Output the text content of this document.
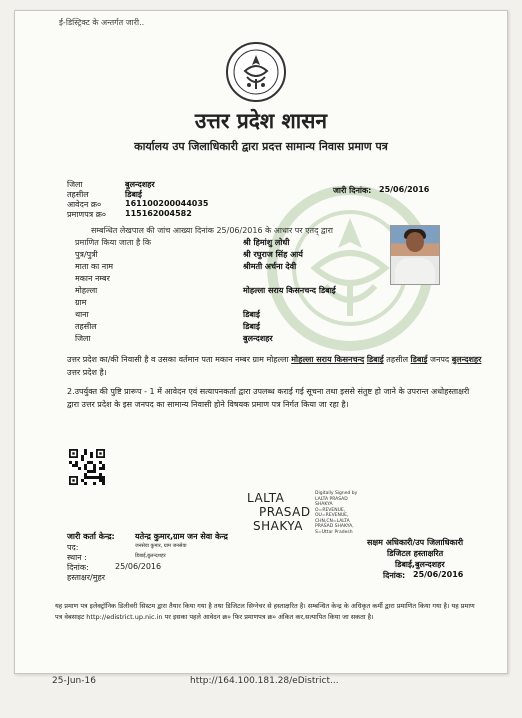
ई-डिस्ट्रिक्ट के अन्तर्गत जारी..
उत्तर प्रदेश शासन
कार्यालय उप जिलाधिकारी द्वारा प्रदत्त सामान्य निवास प्रमाण पत्र
जिला	बुलन्दशहर
तहसील	डिबाई
आवेदन क्र०	161100200044035
प्रमाणपत्र क्र० 115162004582
जारी दिनांक: 25/06/2016
सम्बन्धित लेखपाल की जांच आख्या दिनांक 25/06/2016 के आधार पर एतद् द्वारा
प्रमाणित किया जाता है कि	श्री हिमांशु लोधी
पुत्र/पुत्री	श्री रघुराज सिंह आर्य
माता का नाम	श्रीमती अर्चना देवी
मकान नम्बर
मोहल्ला	मोहल्ला सराय किसनचन्द डिबाई
ग्राम
थाना	डिबाई
तहसील	डिबाई
जिला	बुलन्दशहर
उत्तर प्रदेश का/की निवासी है व उसका वर्तमान पता मकान नम्बर ग्राम मोहल्ला मोहल्ला सराय किसनचन्द डिबाई तहसील डिबाई जनपद बुलन्दशहर उत्तर प्रदेश है।
2.उपर्युक्त की पुष्टि प्रारूप - 1 में आवेदन एवं सत्यापनकर्ता द्वारा उपलब्ध कराई गई सूचना तथा इससे संतुष्ट हो जाने के उपरान्त अधोहस्ताक्षरी द्वारा उत्तर प्रदेश के इस जनपद का सामान्य निवासी होने विषयक प्रमाण पत्र निर्गत किया जा रहा है।
LALTA
PRASAD
SHAKYA
Digitally Signed by LALTA PRASAD SHAKYA O=REVENUE, OU=REVENUE, CHN,CN=LALTA PRASAD SHAKYA, S=Uttar Pradesh
सक्षम अधिकारी/उप जिलाधिकारी
डिजिटल हस्ताक्षरित
डिबाई,बुलन्दशहर
दिनांक: 25/06/2016
जारी कर्ता केन्द्र:	यतेन्द्र कुमार,ग्राम जन सेवा केन्द्र
पद:	जनसेवा कुमार, ग्राम जनसेवा
स्थान :	डिबाई,बुलन्दशहर
दिनांक:	25/06/2016
हस्ताक्षर/मुहर
यह प्रमाण पत्र इलेक्ट्रॉनिक डिलीवरी सिस्टम द्वारा तैयार किया गया है तथा डिजिटल सिग्नेचर से हस्ताक्षरित है। सम्बन्धित केन्द्र के अधिकृत कर्मी द्वारा प्रमाणित किया गया है। यह प्रमाण पत्र वेबसाइट http://edistrict.up.nic.in पर इसका पहले आवेदन क्र० फिर प्रमाणपत्र क्र० अंकित कर,सत्यापित किया जा सकता है।
25-Jun-16	http://164.100.181.28/eDistrict...
